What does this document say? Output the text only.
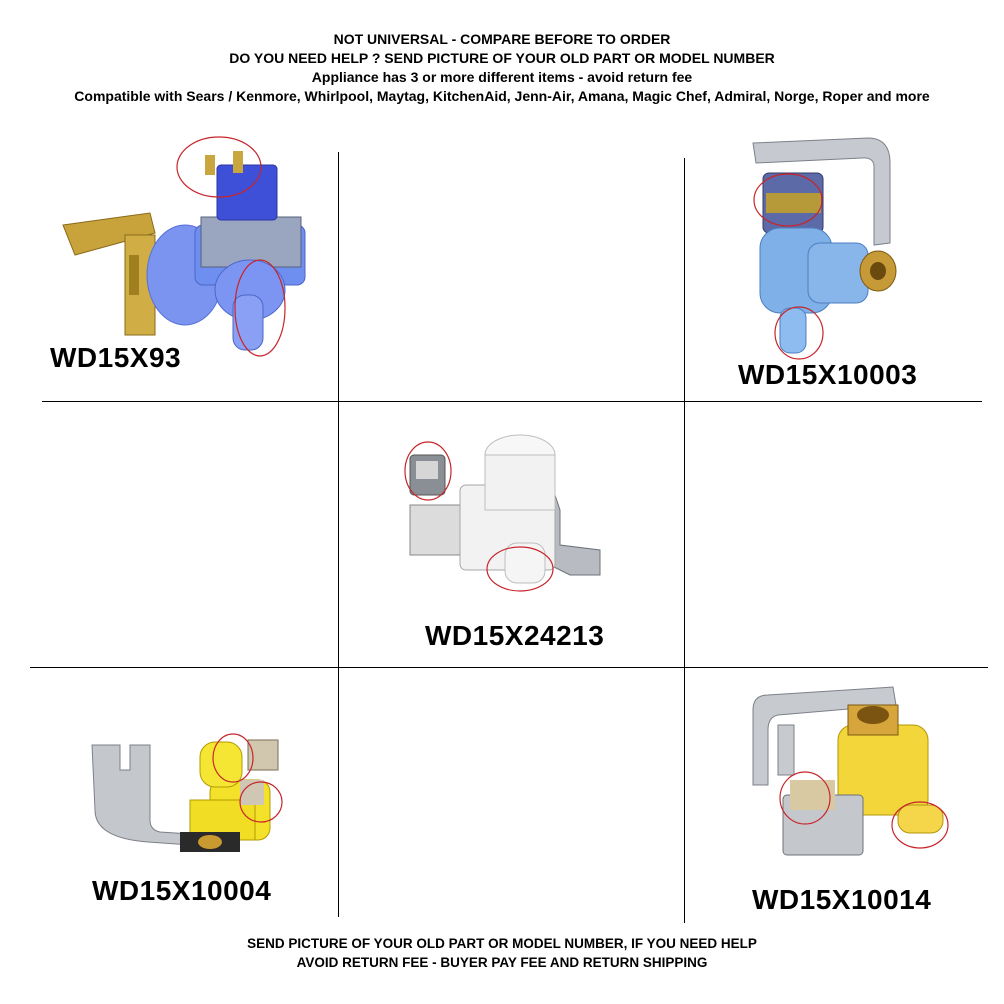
NOT UNIVERSAL - COMPARE BEFORE TO ORDER
DO YOU NEED HELP ? SEND PICTURE OF YOUR OLD PART OR MODEL NUMBER
Appliance has 3 or more different items - avoid return fee
Compatible with Sears / Kenmore, Whirlpool, Maytag, KitchenAid, Jenn-Air, Amana, Magic Chef, Admiral, Norge, Roper and more
WD15X93
WD15X10003
WD15X24213
WD15X10004	WD15X10014
SEND PICTURE OF YOUR OLD PART OR MODEL NUMBER, IF YOU NEED HELP
AVOID RETURN FEE - BUYER PAY FEE AND RETURN SHIPPING
